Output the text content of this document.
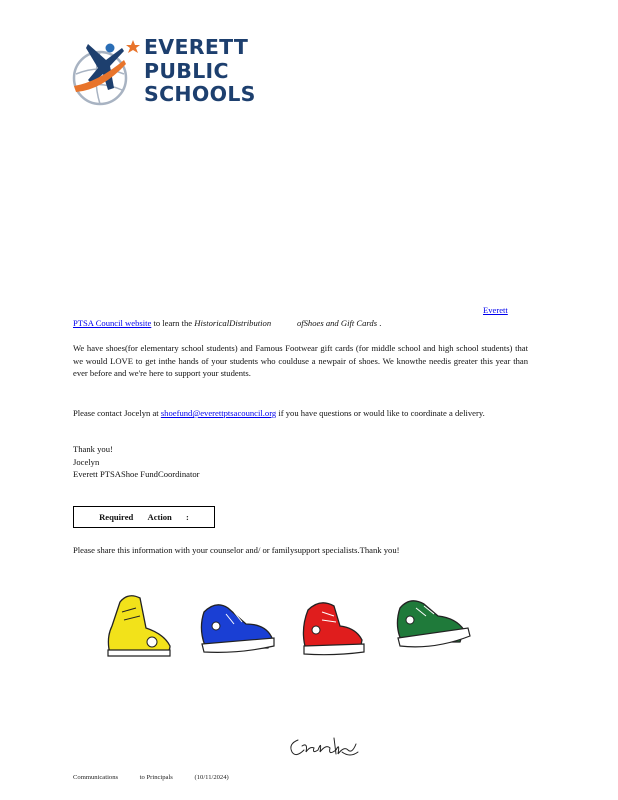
EVERETT
PUBLIC
SCHOOLS
Everett
PTSA Council website to learn the HistoricalDistribution	ofShoes and Gift Cards .
We have shoes(for elementary school students) and Famous Footwear gift cards (for middle school and high school students) that we would LOVE to get inthe hands of your students who coulduse a newpair of shoes. We knowthe needis greater this year than ever before and we're here to support your students.
Please contact Jocelyn at shoefund@everettptsacouncil.org if you have questions or would like to coordinate a delivery.
Thank you!
Jocelyn
Everett PTSAShoe FundCoordinator
Required Action :
Please share this information with your counselor and/ or familysupport specialists.Thank you!
Communications	to Principals	(10/11/2024)
